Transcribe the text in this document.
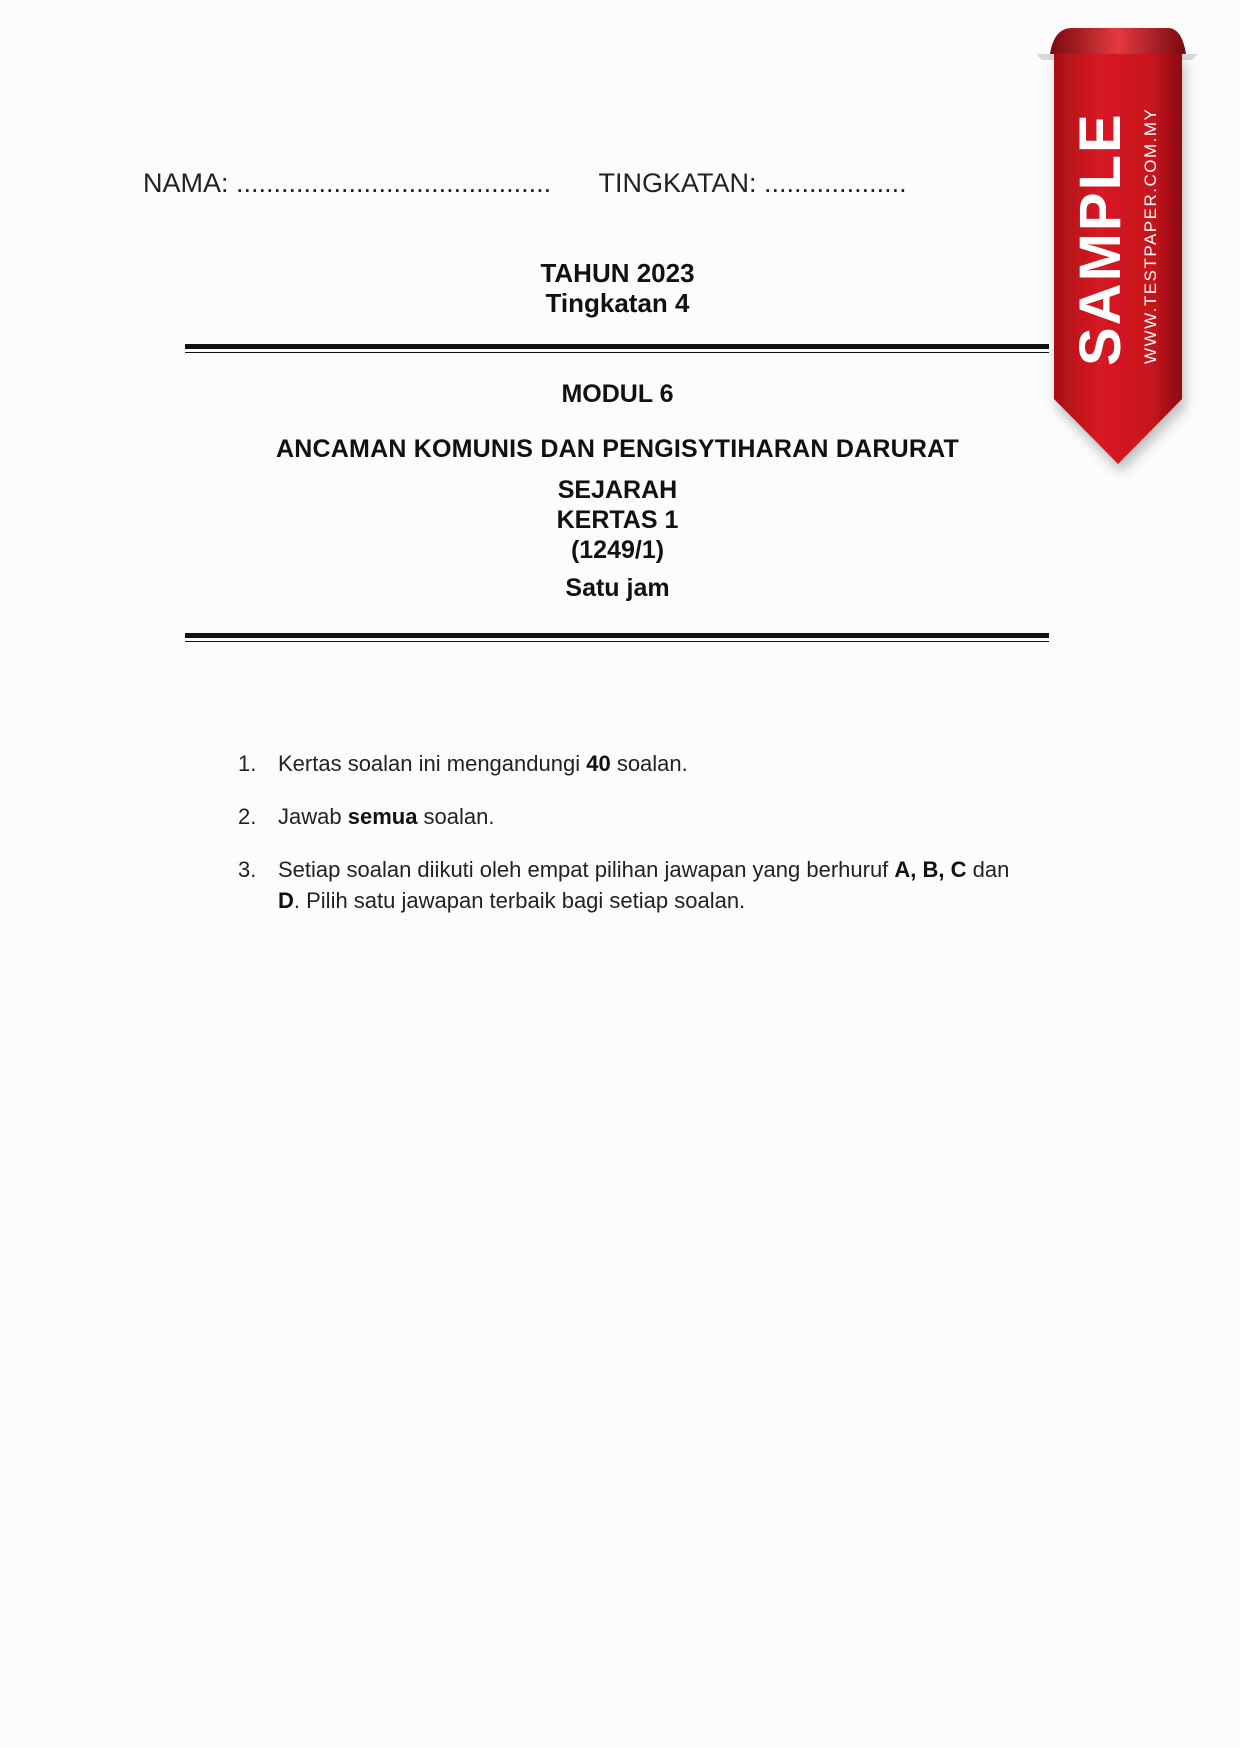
NAMA: .......................................... TINGKATAN: ...................
TAHUN 2023
Tingkatan 4
MODUL 6
ANCAMAN KOMUNIS DAN PENGISYTIHARAN DARURAT
SEJARAH
KERTAS 1
(1249/1)
Satu jam
1. Kertas soalan ini mengandungi 40 soalan.
2. Jawab semua soalan.
3. Setiap soalan diikuti oleh empat pilihan jawapan yang berhuruf A, B, C dan D. Pilih satu jawapan terbaik bagi setiap soalan.
SAMPLE WWW.TESTPAPER.COM.MY
